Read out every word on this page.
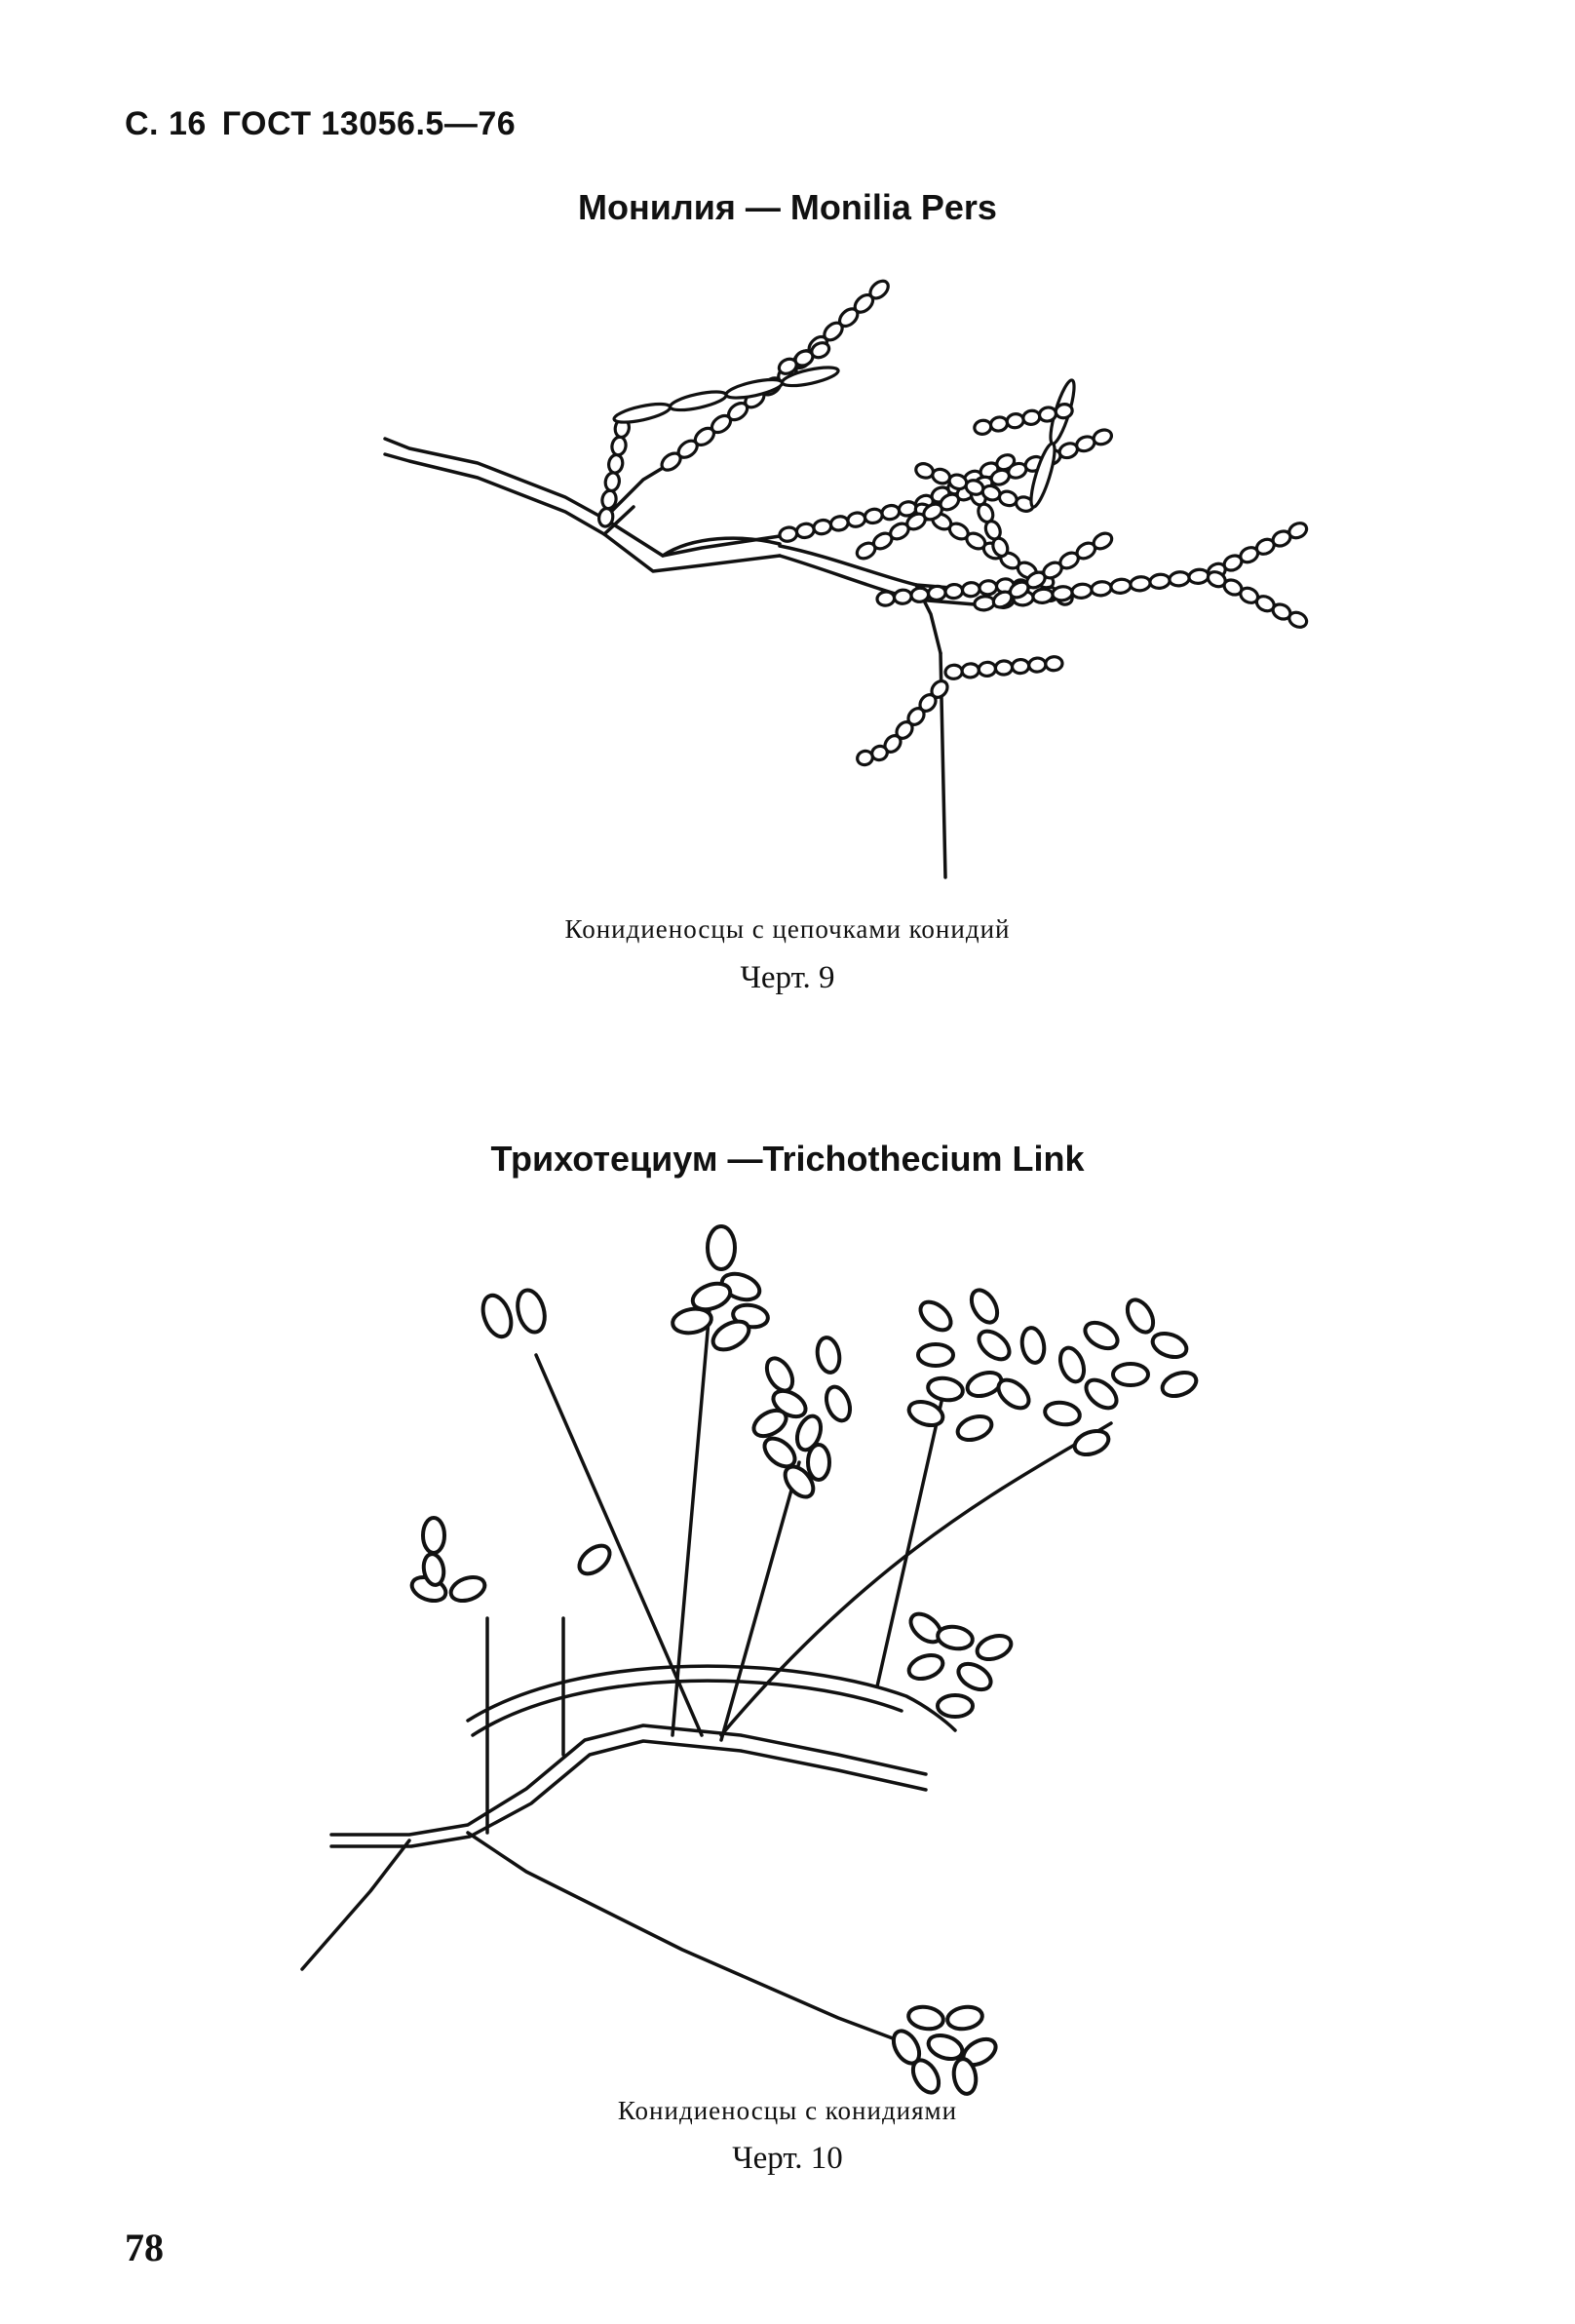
С. 16 ГОСТ 13056.5—76
Монилия — Monilia Pers
Конидиеносцы с цепочками конидий
Черт. 9
Трихотециум —Trichothecium Link
Конидиеносцы с конидиями
Черт. 10
78
